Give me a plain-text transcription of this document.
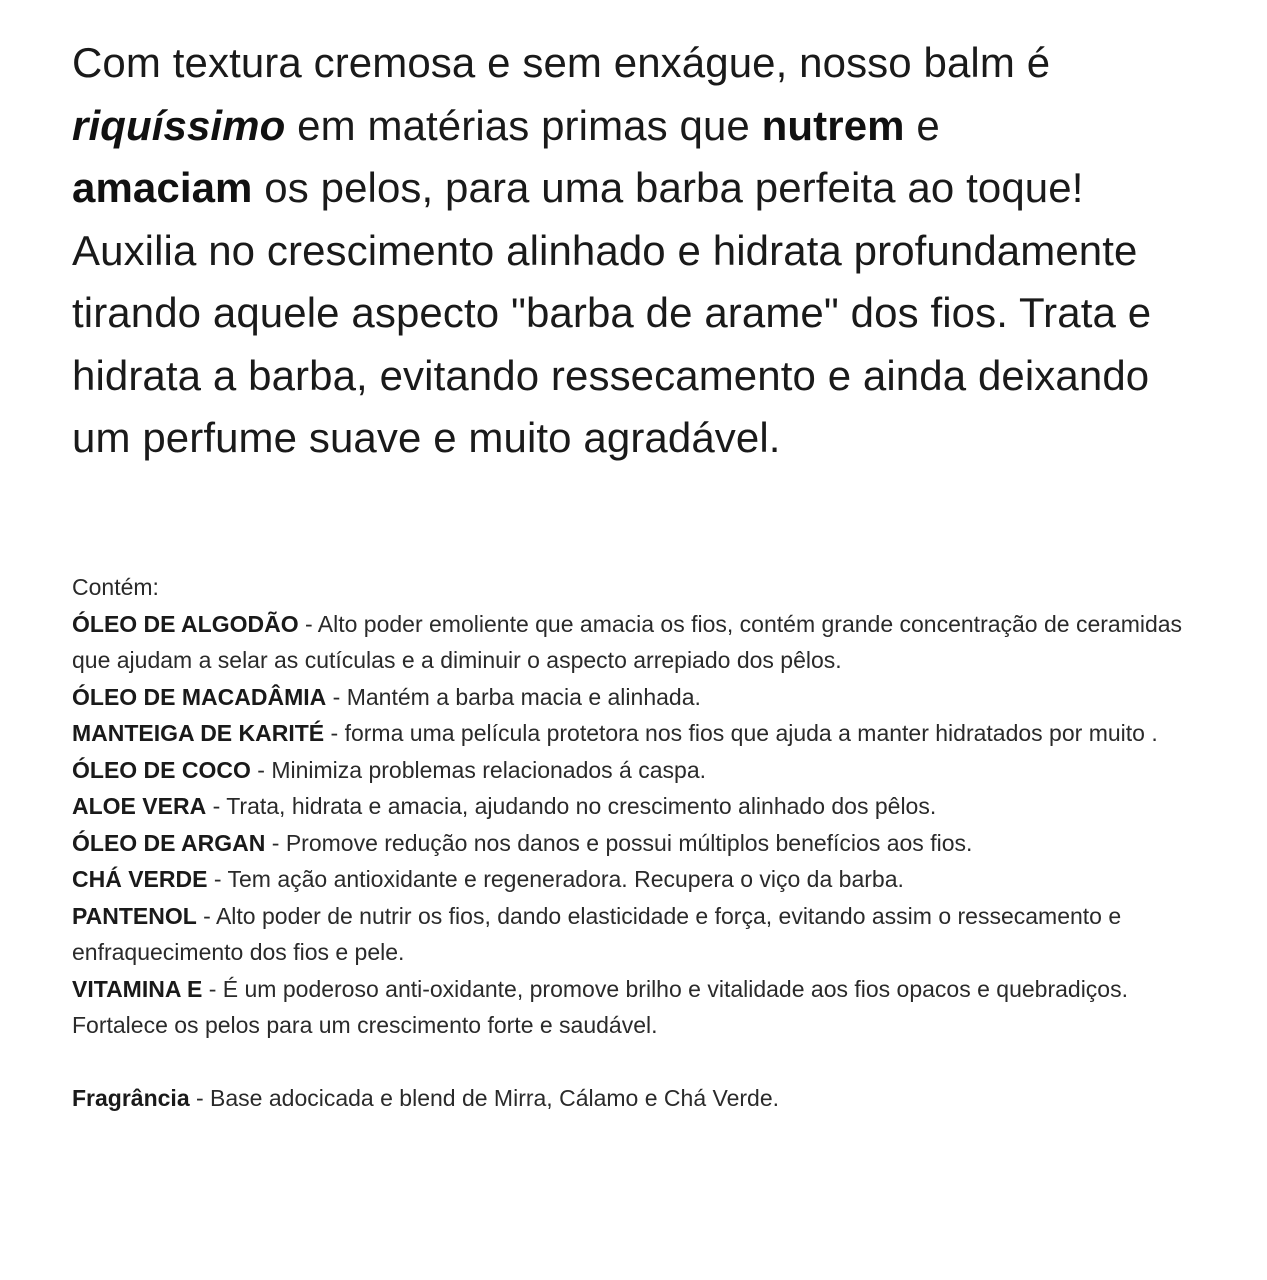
Com textura cremosa e sem enxágue, nosso balm é
riquíssimo em matérias primas que nutrem e
amaciam os pelos, para uma barba perfeita ao toque! Auxilia no crescimento alinhado e hidrata profundamente tirando aquele aspecto "barba de arame" dos fios. Trata e hidrata a barba, evitando ressecamento e ainda deixando um perfume suave e muito agradável.

Contém:

ÓLEO DE ALGODÃO - Alto poder emoliente que amacia os fios, contém grande concentração de ceramidas que ajudam a selar as cutículas e a diminuir o aspecto arrepiado dos pêlos.

ÓLEO DE MACADÂMIA - Mantém a barba macia e alinhada.

MANTEIGA DE KARITÉ - forma uma película protetora nos fios que ajuda a manter hidratados por muito .

ÓLEO DE COCO - Minimiza problemas relacionados á caspa.

ALOE VERA - Trata, hidrata e amacia, ajudando no crescimento alinhado dos pêlos.

ÓLEO DE ARGAN - Promove redução nos danos e possui múltiplos benefícios aos fios.

CHÁ VERDE - Tem ação antioxidante e regeneradora. Recupera o viço da barba.

PANTENOL - Alto poder de nutrir os fios, dando elasticidade e força, evitando assim o ressecamento e enfraquecimento dos fios e pele.

VITAMINA E - É um poderoso anti-oxidante, promove brilho e vitalidade aos fios opacos e quebradiços. Fortalece os pelos para um crescimento forte e saudável.

Fragrância - Base adocicada e blend de Mirra, Cálamo e Chá Verde.
